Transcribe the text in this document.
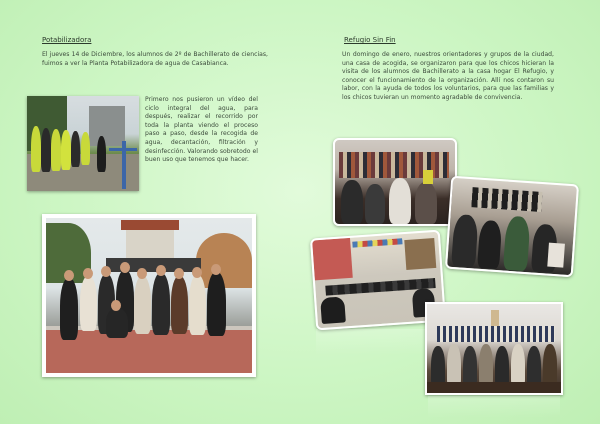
Potabilizadora

El jueves 14 de Diciembre, los alumnos de 2º de Bachillerato de ciencias, fuimos a ver la Planta Potabilizadora de agua de Casabianca.

Primero nos pusieron un vídeo del ciclo integral del agua, para después, realizar el recorrido por toda la planta viendo el proceso paso a paso, desde la recogida de agua, decantación, filtración y desinfección. Valorando sobretodo el buen uso que tenemos que hacer.

Refugio Sin Fin

Un domingo de enero, nuestros orientadores y grupos de la ciudad, una casa de acogida, se organizaron para que los chicos hicieran la visita de los alumnos de Bachillerato a la casa hogar El Refugio, y conocer el funcionamiento de la organización. Allí nos contaron su labor, con la ayuda de todos los voluntarios, para que las familias y los chicos tuvieran un momento agradable de convivencia.
